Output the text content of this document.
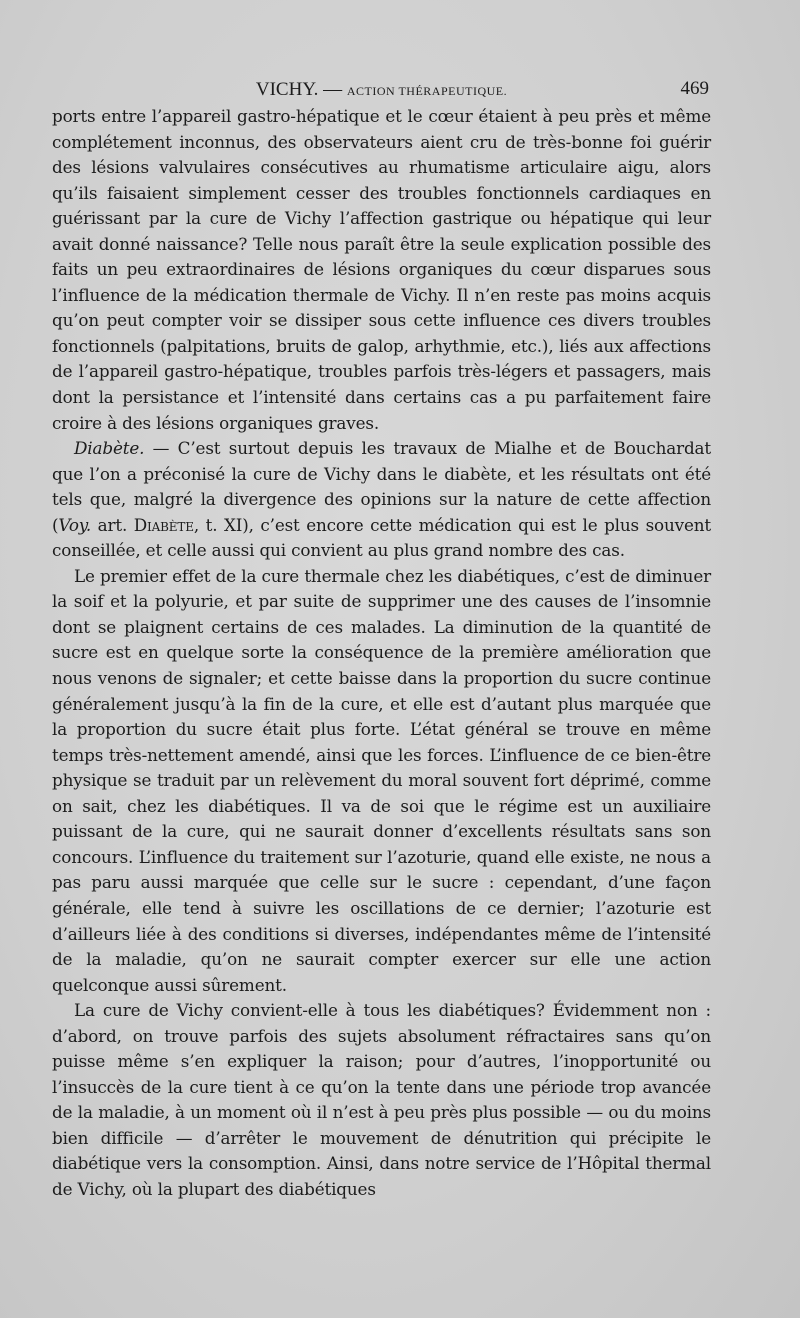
VICHY. — ACTION THÉRAPEUTIQUE.	469

ports entre l’appareil gastro-hépatique et le cœur étaient à peu près et même complétement inconnus, des observateurs aient cru de très-bonne foi guérir des lésions valvulaires consécutives au rhumatisme articulaire aigu, alors qu’ils faisaient simplement cesser des troubles fonctionnels cardiaques en guérissant par la cure de Vichy l’affection gastrique ou hépatique qui leur avait donné naissance? Telle nous paraît être la seule explication possible des faits un peu extraordinaires de lésions organiques du cœur disparues sous l’influence de la médication thermale de Vichy. Il n’en reste pas moins acquis qu’on peut compter voir se dissiper sous cette influence ces divers troubles fonctionnels (palpitations, bruits de galop, arhythmie, etc.), liés aux affections de l’appareil gastro-hépatique, troubles parfois très-légers et passagers, mais dont la persistance et l’intensité dans certains cas a pu parfaitement faire croire à des lésions organiques graves.

Diabète. — C’est surtout depuis les travaux de Mialhe et de Bouchardat que l’on a préconisé la cure de Vichy dans le diabète, et les résultats ont été tels que, malgré la divergence des opinions sur la nature de cette affection (Voy. art. Diabète, t. XI), c’est encore cette médication qui est le plus souvent conseillée, et celle aussi qui convient au plus grand nombre des cas.

Le premier effet de la cure thermale chez les diabétiques, c’est de diminuer la soif et la polyurie, et par suite de supprimer une des causes de l’insomnie dont se plaignent certains de ces malades. La diminution de la quantité de sucre est en quelque sorte la conséquence de la première amélioration que nous venons de signaler; et cette baisse dans la proportion du sucre continue généralement jusqu’à la fin de la cure, et elle est d’autant plus marquée que la proportion du sucre était plus forte. L’état général se trouve en même temps très-nettement amendé, ainsi que les forces. L’influence de ce bien-être physique se traduit par un relèvement du moral souvent fort déprimé, comme on sait, chez les diabétiques. Il va de soi que le régime est un auxiliaire puissant de la cure, qui ne saurait donner d’excellents résultats sans son concours. L’influence du traitement sur l’azoturie, quand elle existe, ne nous a pas paru aussi marquée que celle sur le sucre : cependant, d’une façon générale, elle tend à suivre les oscillations de ce dernier; l’azoturie est d’ailleurs liée à des conditions si diverses, indépendantes même de l’intensité de la maladie, qu’on ne saurait compter exercer sur elle une action quelconque aussi sûrement.

La cure de Vichy convient-elle à tous les diabétiques? Évidemment non : d’abord, on trouve parfois des sujets absolument réfractaires sans qu’on puisse même s’en expliquer la raison; pour d’autres, l’inopportunité ou l’insuccès de la cure tient à ce qu’on la tente dans une période trop avancée de la maladie, à un moment où il n’est à peu près plus possible — ou du moins bien difficile — d’arrêter le mouvement de dénutrition qui précipite le diabétique vers la consomption. Ainsi, dans notre service de l’Hôpital thermal de Vichy, où la plupart des diabétiques
